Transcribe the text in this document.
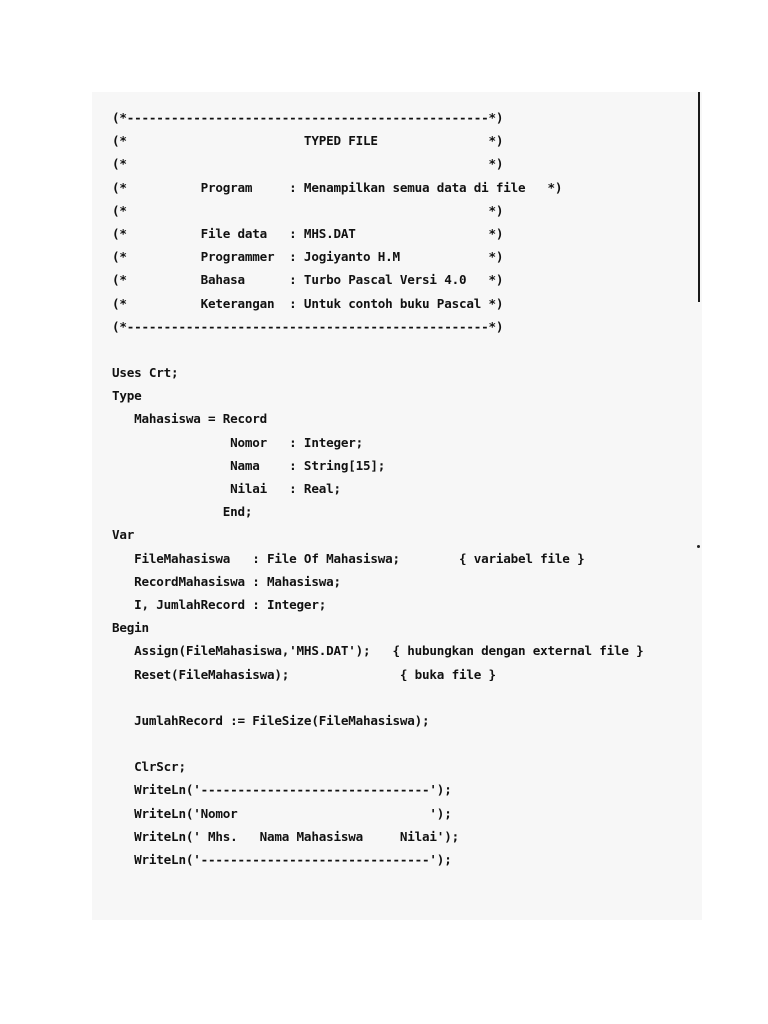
(*-------------------------------------------------*)
(*                        TYPED FILE               *)
(*                                                 *)
(*          Program     : Menampilkan semua data di file   *)
(*                                                 *)
(*          File data   : MHS.DAT                  *)
(*          Programmer  : Jogiyanto H.M            *)
(*          Bahasa      : Turbo Pascal Versi 4.0   *)
(*          Keterangan  : Untuk contoh buku Pascal *)
(*-------------------------------------------------*)
Uses Crt;
Type
Mahasiswa = Record
Nomor   : Integer;
Nama    : String[15];
Nilai   : Real;
End;
Var
FileMahasiswa   : File Of Mahasiswa;        { variabel file }
RecordMahasiswa : Mahasiswa;
I, JumlahRecord : Integer;
Begin
Assign(FileMahasiswa,'MHS.DAT');   { hubungkan dengan external file }
Reset(FileMahasiswa);               { buka file }
JumlahRecord := FileSize(FileMahasiswa);
ClrScr;
WriteLn('-------------------------------');
WriteLn('Nomor                          ');
WriteLn(' Mhs.   Nama Mahasiswa     Nilai');
WriteLn('-------------------------------');
